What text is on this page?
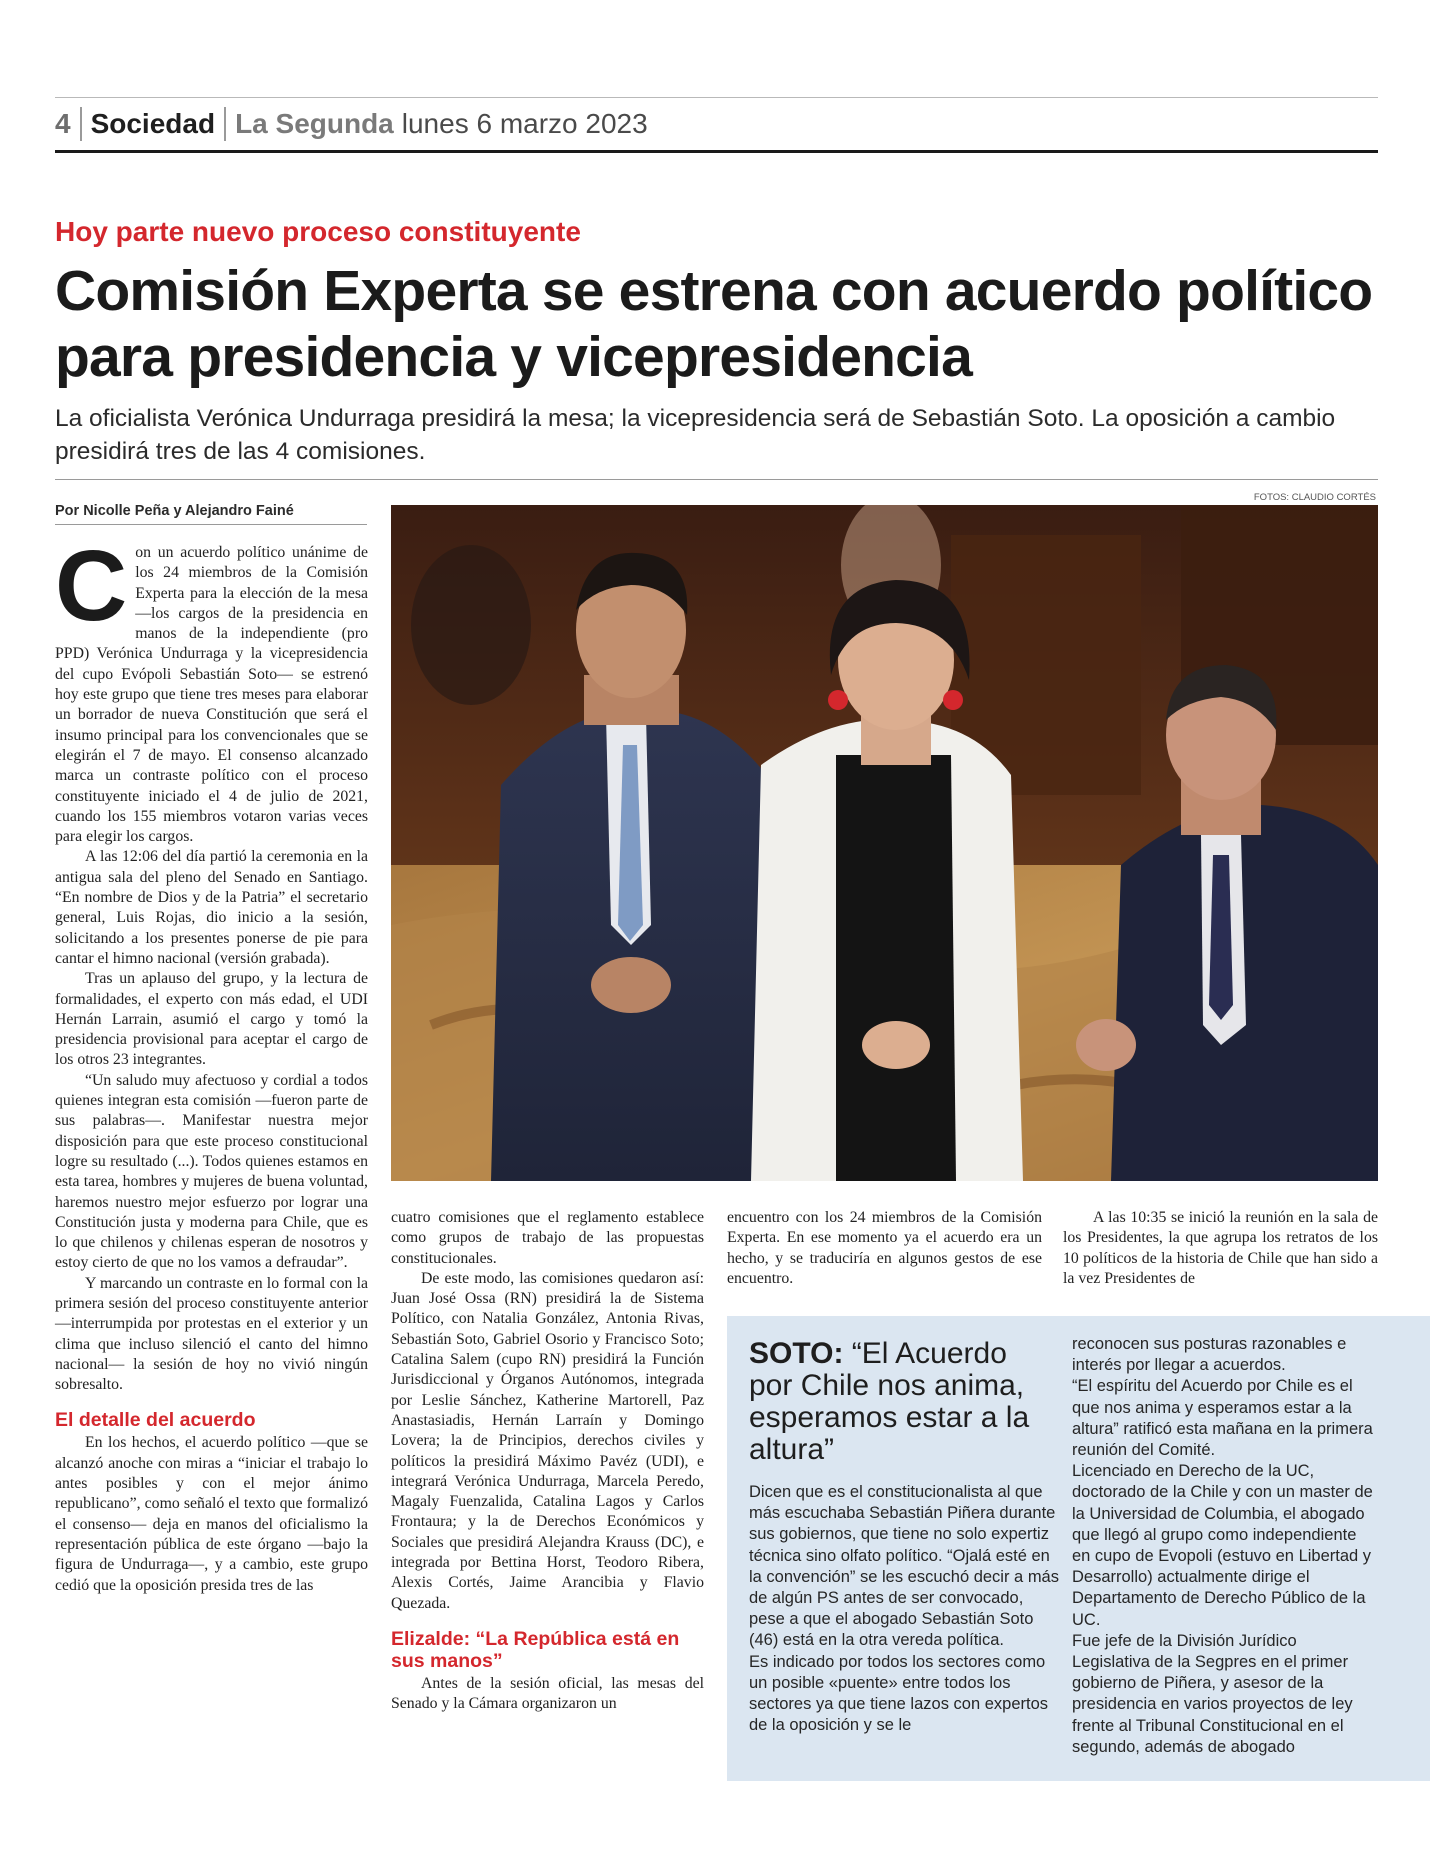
4 Sociedad La Segunda lunes 6 marzo 2023
Hoy parte nuevo proceso constituyente
Comisión Experta se estrena con acuerdo político para presidencia y vicepresidencia
La oficialista Verónica Undurraga presidirá la mesa; la vicepresidencia será de Sebastián Soto. La oposición a cambio presidirá tres de las 4 comisiones.
Por Nicolle Peña y Alejandro Fainé
FOTOS: CLAUDIO CORTÉS

Con un acuerdo político unánime de los 24 miembros de la Comisión Experta para la elección de la mesa —los cargos de la presidencia en manos de la independiente (pro PPD) Verónica Undurraga y la vicepresidencia del cupo Evópoli Sebastián Soto— se estrenó hoy este grupo que tiene tres meses para elaborar un borrador de nueva Constitución que será el insumo principal para los convencionales que se elegirán el 7 de mayo. El consenso alcanzado marca un contraste político con el proceso constituyente iniciado el 4 de julio de 2021, cuando los 155 miembros votaron varias veces para elegir los cargos.

A las 12:06 del día partió la ceremonia en la antigua sala del pleno del Senado en Santiago. “En nombre de Dios y de la Patria” el secretario general, Luis Rojas, dio inicio a la sesión, solicitando a los presentes ponerse de pie para cantar el himno nacional (versión grabada).

Tras un aplauso del grupo, y la lectura de formalidades, el experto con más edad, el UDI Hernán Larrain, asumió el cargo y tomó la presidencia provisional para aceptar el cargo de los otros 23 integrantes.

“Un saludo muy afectuoso y cordial a todos quienes integran esta comisión —fueron parte de sus palabras—. Manifestar nuestra mejor disposición para que este proceso constitucional logre su resultado (...). Todos quienes estamos en esta tarea, hombres y mujeres de buena voluntad, haremos nuestro mejor esfuerzo por lograr una Constitución justa y moderna para Chile, que es lo que chilenos y chilenas esperan de nosotros y estoy cierto de que no los vamos a defraudar”.

Y marcando un contraste en lo formal con la primera sesión del proceso constituyente anterior —interrumpida por protestas en el exterior y un clima que incluso silenció el canto del himno nacional— la sesión de hoy no vivió ningún sobresalto.

El detalle del acuerdo

En los hechos, el acuerdo político —que se alcanzó anoche con miras a “iniciar el trabajo lo antes posibles y con el mejor ánimo republicano”, como señaló el texto que formalizó el consenso— deja en manos del oficialismo la representación pública de este órgano —bajo la figura de Undurraga—, y a cambio, este grupo cedió que la oposición presida tres de las

cuatro comisiones que el reglamento establece como grupos de trabajo de las propuestas constitucionales.

De este modo, las comisiones quedaron así: Juan José Ossa (RN) presidirá la de Sistema Político, con Natalia González, Antonia Rivas, Sebastián Soto, Gabriel Osorio y Francisco Soto; Catalina Salem (cupo RN) presidirá la Función Jurisdiccional y Órganos Autónomos, integrada por Leslie Sánchez, Katherine Martorell, Paz Anastasiadis, Hernán Larraín y Domingo Lovera; la de Principios, derechos civiles y políticos la presidirá Máximo Pavéz (UDI), e integrará Verónica Undurraga, Marcela Peredo, Magaly Fuenzalida, Catalina Lagos y Carlos Frontaura; y la de Derechos Económicos y Sociales que presidirá Alejandra Krauss (DC), e integrada por Bettina Horst, Teodoro Ribera, Alexis Cortés, Jaime Arancibia y Flavio Quezada.

Elizalde: “La República está en sus manos”

Antes de la sesión oficial, las mesas del Senado y la Cámara organizaron un

encuentro con los 24 miembros de la Comisión Experta. En ese momento ya el acuerdo era un hecho, y se traduciría en algunos gestos de ese encuentro.

A las 10:35 se inició la reunión en la sala de los Presidentes, la que agrupa los retratos de los 10 políticos de la historia de Chile que han sido a la vez Presidentes de

SOTO: “El Acuerdo por Chile nos anima, esperamos estar a la altura”

Dicen que es el constitucionalista al que más escuchaba Sebastián Piñera durante sus gobiernos, que tiene no solo expertiz técnica sino olfato político. “Ojalá esté en la convención” se les escuchó decir a más de algún PS antes de ser convocado, pese a que el abogado Sebastián Soto (46) está en la otra vereda política.

Es indicado por todos los sectores como un posible «puente» entre todos los sectores ya que tiene lazos con expertos de la oposición y se le

reconocen sus posturas razonables e interés por llegar a acuerdos.

“El espíritu del Acuerdo por Chile es el que nos anima y esperamos estar a la altura” ratificó esta mañana en la primera reunión del Comité.

Licenciado en Derecho de la UC, doctorado de la Chile y con un master de la Universidad de Columbia, el abogado que llegó al grupo como independiente en cupo de Evopoli (estuvo en Libertad y Desarrollo) actualmente dirige el Departamento de Derecho Público de la UC.

Fue jefe de la División Jurídico Legislativa de la Segpres en el primer gobierno de Piñera, y asesor de la presidencia en varios proyectos de ley frente al Tribunal Constitucional en el segundo, además de abogado
